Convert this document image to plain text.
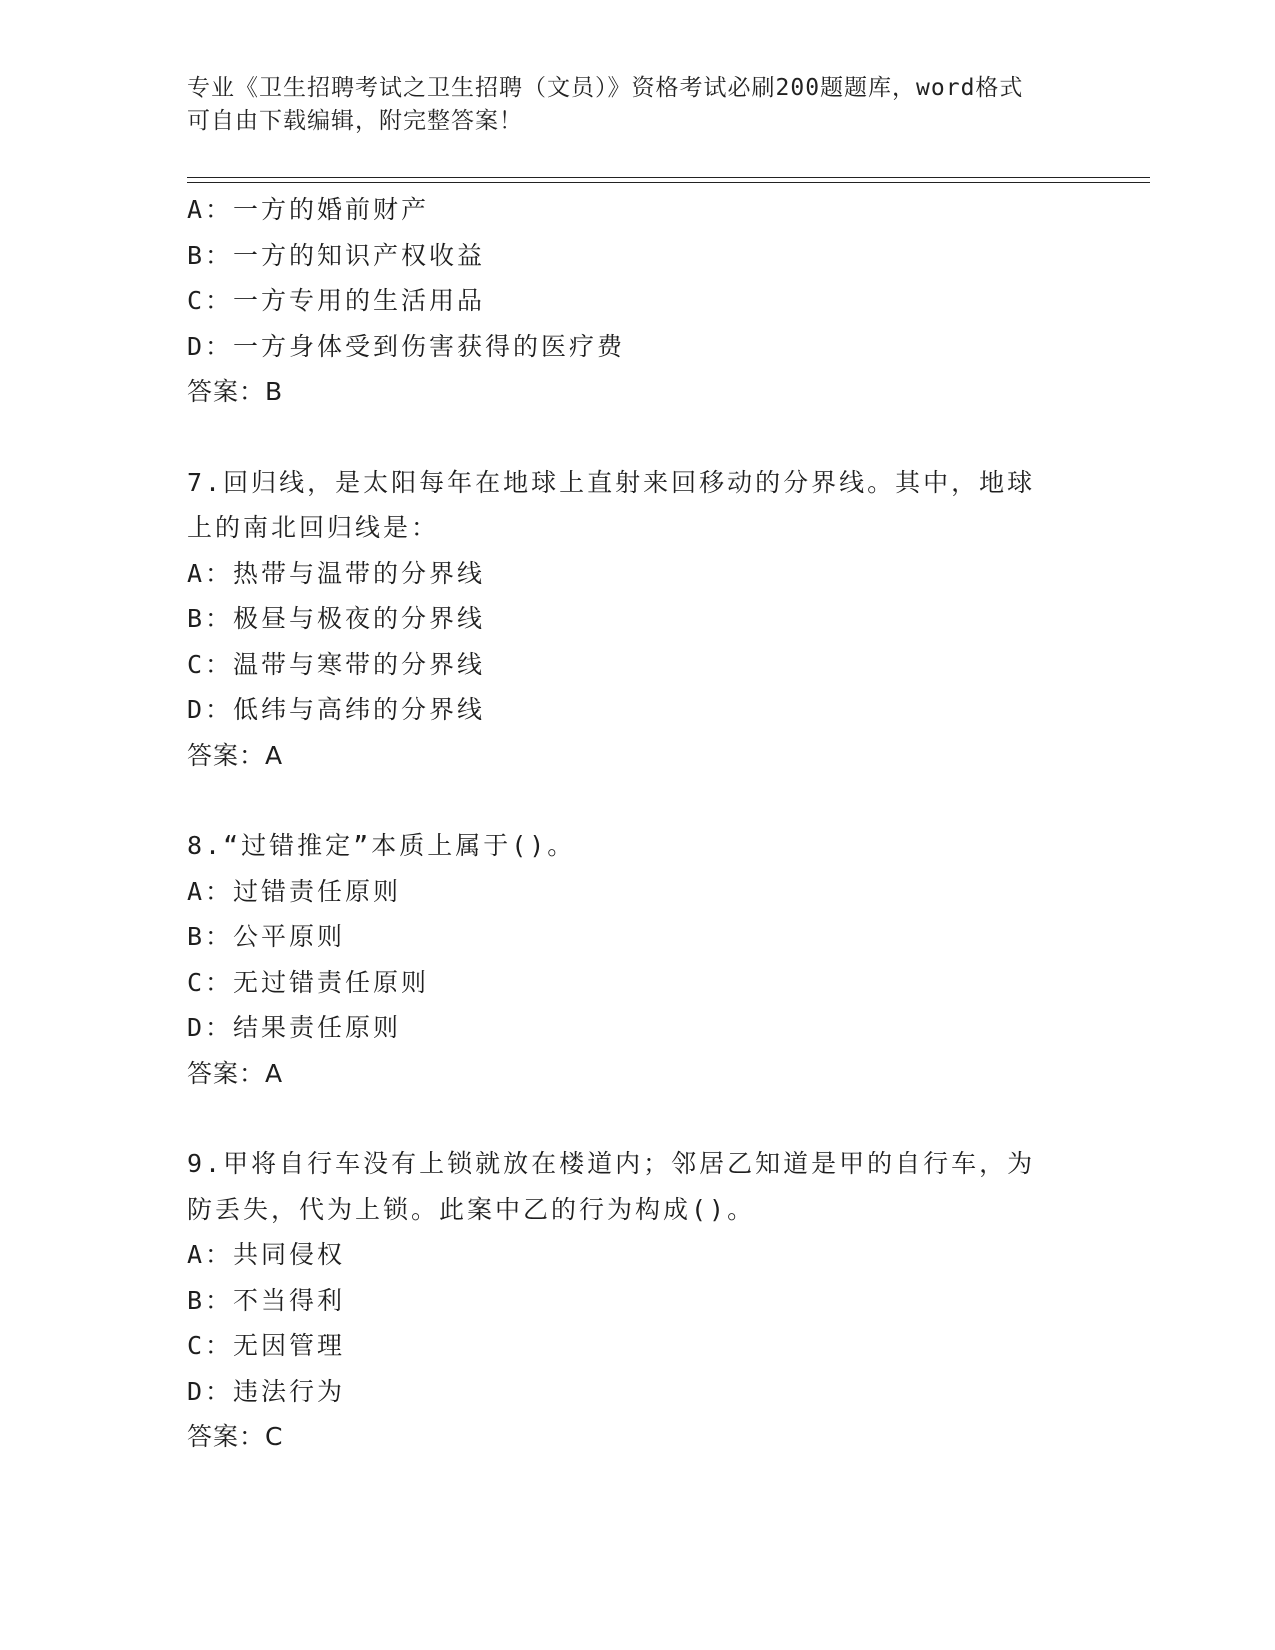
专业《卫生招聘考试之卫生招聘（文员）》资格考试必刷200题题库，word格式
可自由下载编辑，附完整答案！
A：一方的婚前财产
B：一方的知识产权收益
C：一方专用的生活用品
D：一方身体受到伤害获得的医疗费
答案：B
7.回归线，是太阳每年在地球上直射来回移动的分界线。其中，地球
上的南北回归线是：
A：热带与温带的分界线
B：极昼与极夜的分界线
C：温带与寒带的分界线
D：低纬与高纬的分界线
答案：A
8.“过错推定”本质上属于()。
A：过错责任原则
B：公平原则
C：无过错责任原则
D：结果责任原则
答案：A
9.甲将自行车没有上锁就放在楼道内；邻居乙知道是甲的自行车，为
防丢失，代为上锁。此案中乙的行为构成()。
A：共同侵权
B：不当得利
C：无因管理
D：违法行为
答案：C
